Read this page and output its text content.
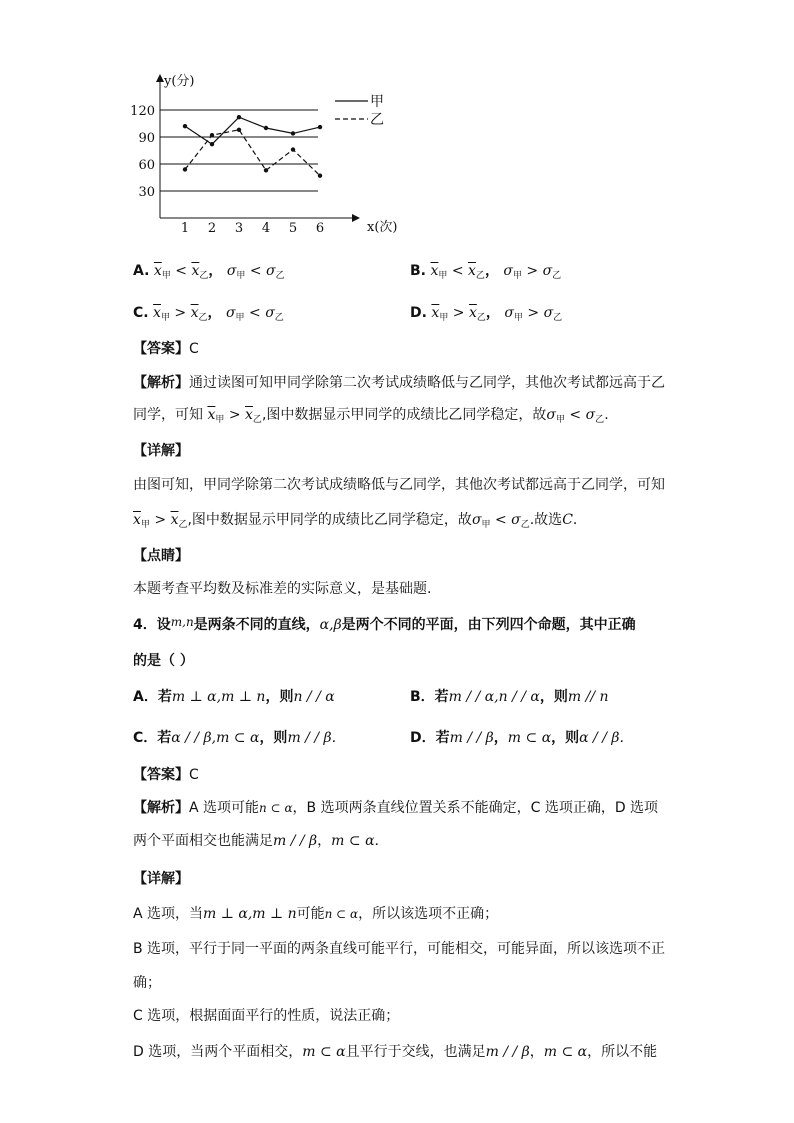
y(分)
x(次)
30
60
90
120
1 2 3 4 5 6
甲
乙
A. $\overline{x}_甲 < \overline{x}_乙$， $\sigma_甲 < \sigma_乙$	B. $\overline{x}_甲 < \overline{x}_乙$， $\sigma_甲 > \sigma_乙$
C. $\overline{x}_甲 > \overline{x}_乙$， $\sigma_甲 < \sigma_乙$	D. $\overline{x}_甲 > \overline{x}_乙$， $\sigma_甲 > \sigma_乙$
【答案】C
【解析】通过读图可知甲同学除第二次考试成绩略低与乙同学，其他次考试都远高于乙
同学，可知 $\overline{x}_甲 > \overline{x}_乙$,图中数据显示甲同学的成绩比乙同学稳定，故$\sigma_甲 < \sigma_乙$.
【详解】
由图可知，甲同学除第二次考试成绩略低与乙同学，其他次考试都远高于乙同学，可知
$\overline{x}_甲 > \overline{x}_乙$,图中数据显示甲同学的成绩比乙同学稳定，故$\sigma_甲 < \sigma_乙$.故选C.
【点睛】
本题考查平均数及标准差的实际意义，是基础题.
4．设m,n是两条不同的直线，α,β是两个不同的平面，由下列四个命题，其中正确
的是（ ）
A．若m ⊥ α,m ⊥ n，则n / / α	B．若m / / α,n / / α，则m // n
C．若α / / β,m ⊂ α，则m / / β.	D．若m / / β，m ⊂ α，则α / / β.
【答案】C
【解析】A 选项可能n ⊂ α，B 选项两条直线位置关系不能确定，C 选项正确，D 选项
两个平面相交也能满足m / / β，m ⊂ α.
【详解】
A 选项，当m ⊥ α,m ⊥ n可能n ⊂ α，所以该选项不正确；
B 选项，平行于同一平面的两条直线可能平行，可能相交，可能异面，所以该选项不正
确；
C 选项，根据面面平行的性质，说法正确；
D 选项，当两个平面相交，m ⊂ α且平行于交线，也满足m / / β，m ⊂ α，所以不能
